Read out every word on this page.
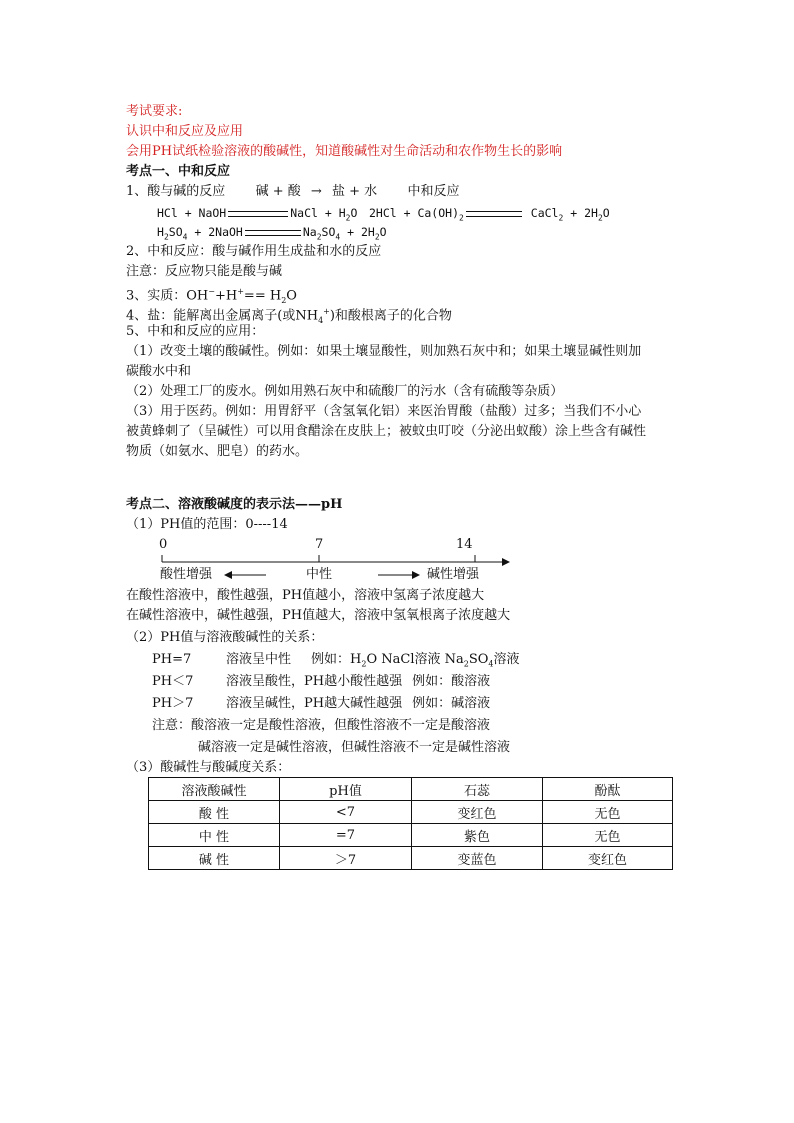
考试要求:
认识中和反应及应用
会用PH试纸检验溶液的酸碱性，知道酸碱性对生命活动和农作物生长的影响
考点一、中和反应
1、酸与碱的反应 碱 + 酸 → 盐 + 水 中和反应
HCl + NaOH	NaCl + $H_2O$ $2HCl + Ca(OH)_2$	CaCl$_2$ + $2H_2O$
$H_2SO_4$ + 2NaOH	$Na_2SO_4 + 2H_2O$
2、中和反应：酸与碱作用生成盐和水的反应
注意：反应物只能是酸与碱
3、实质：$OH^-+H^+== H_2O$
4、盐：能解离出金属离子(或$NH_4^+$)和酸根离子的化合物
5、中和和反应的应用：
（1）改变土壤的酸碱性。例如：如果土壤显酸性，则加熟石灰中和；如果土壤显碱性则加
碳酸水中和
（2）处理工厂的废水。例如用熟石灰中和硫酸厂的污水（含有硫酸等杂质）
（3）用于医药。例如：用胃舒平（含氢氧化铝）来医治胃酸（盐酸）过多；当我们不小心
被黄蜂刺了（呈碱性）可以用食醋涂在皮肤上；被蚊虫叮咬（分泌出蚁酸）涂上些含有碱性
物质（如氨水、肥皂）的药水。
考点二、溶液酸碱度的表示法——pH
（1）PH值的范围：0----14
0	7	14
酸性增强	中性	碱性增强
在酸性溶液中，酸性越强，PH值越小，溶液中氢离子浓度越大
在碱性溶液中，碱性越强，PH值越大，溶液中氢氧根离子浓度越大
（2）PH值与溶液酸碱性的关系：
PH=7	溶液呈中性 例如：$H_2O$ NaCl溶液 $Na_2SO_4$溶液
PH＜7	溶液呈酸性，PH越小酸性越强 例如：酸溶液
PH＞7	溶液呈碱性，PH越大碱性越强 例如：碱溶液
注意：酸溶液一定是酸性溶液，但酸性溶液不一定是酸溶液
碱溶液一定是碱性溶液，但碱性溶液不一定是碱性溶液
（3）酸碱性与酸碱度关系：
溶液酸碱性	pH值	石蕊	酚酞
酸 性	<7	变红色	无色
中 性	=7	紫色	无色
碱 性	＞7	变蓝色	变红色
